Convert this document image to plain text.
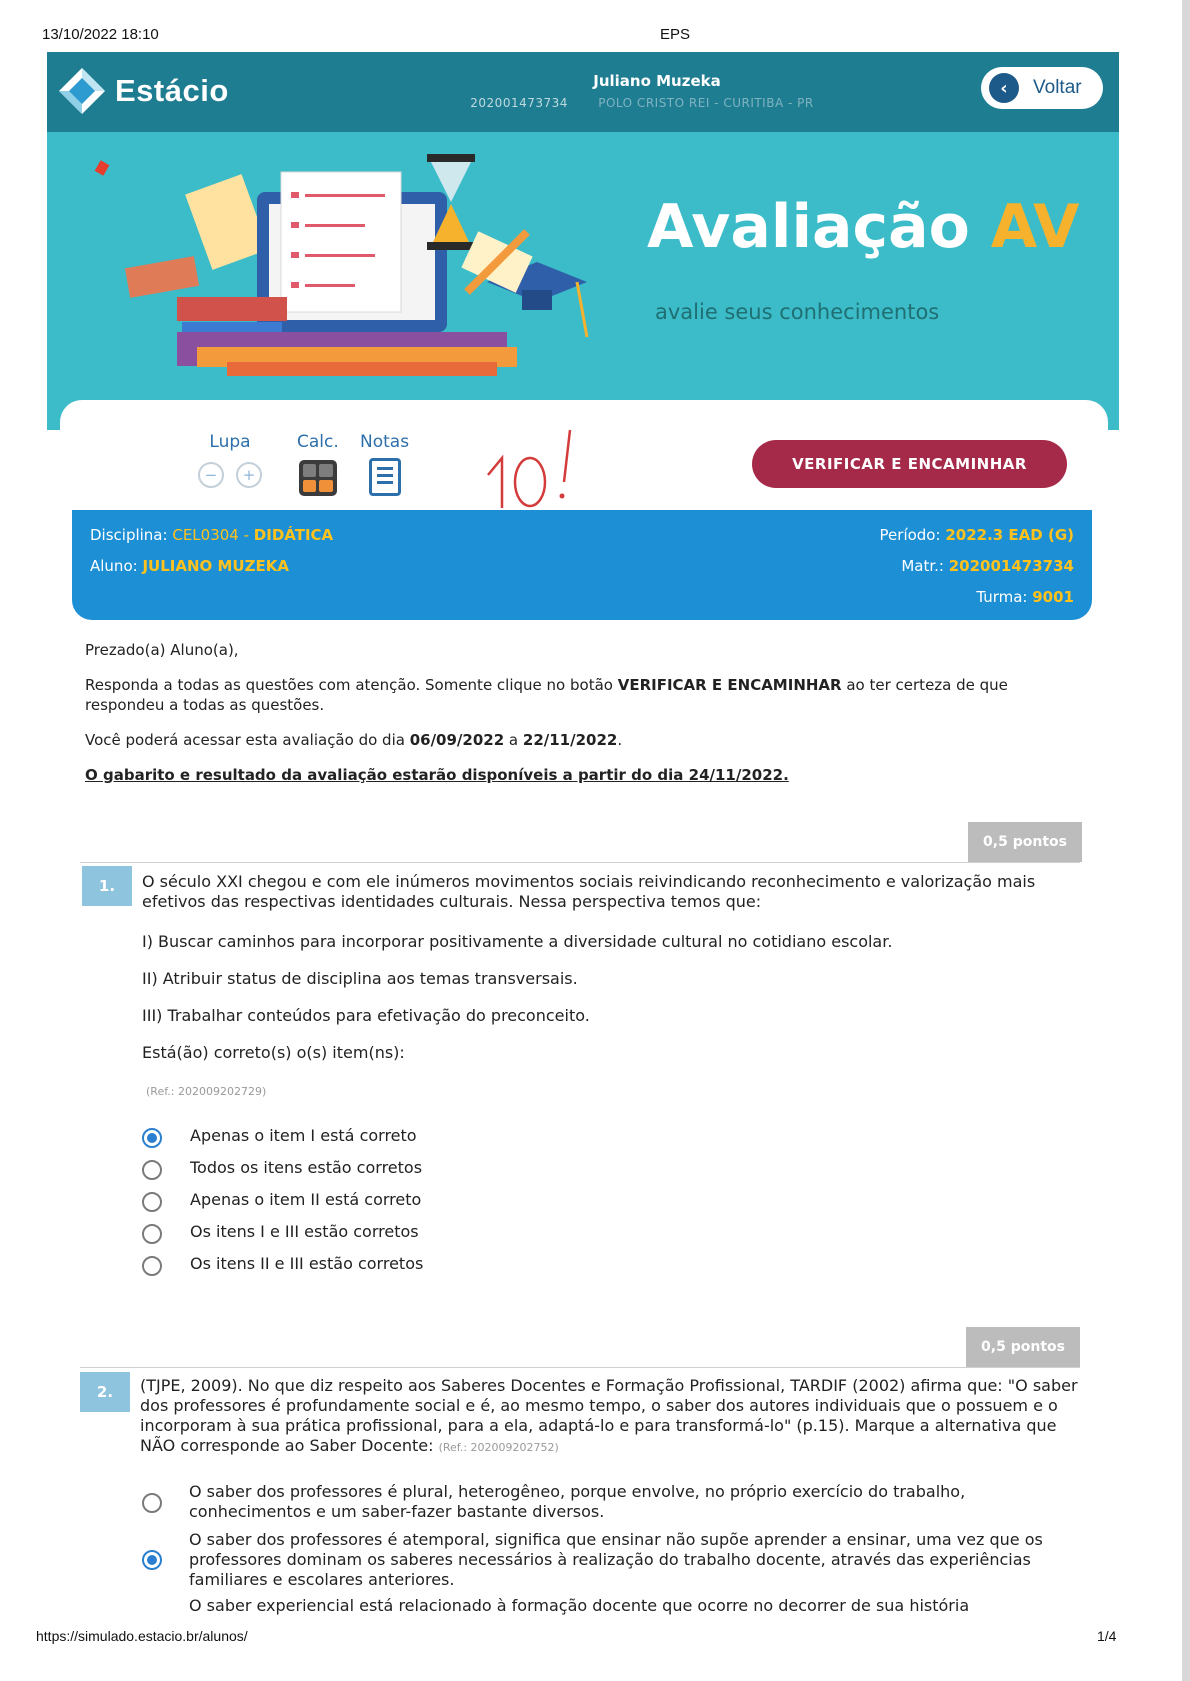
13/10/2022 18:10	EPS
Estácio	Juliano Muzeka
202001473734	POLO CRISTO REI - CURITIBA - PR
‹	Voltar
Avaliação AV
avalie seus conhecimentos
Lupa
−	+
Calc. Notas
VERIFICAR E ENCAMINHAR
Disciplina: CEL0304 - DIDÁTICA
Aluno: JULIANO MUZEKA
Período: 2022.3 EAD (G)
Matr.: 202001473734
Turma: 9001

Prezado(a) Aluno(a),

Responda a todas as questões com atenção. Somente clique no botão VERIFICAR E ENCAMINHAR ao ter certeza de que respondeu a todas as questões.

Você poderá acessar esta avaliação do dia 06/09/2022 a 22/11/2022.

O gabarito e resultado da avaliação estarão disponíveis a partir do dia 24/11/2022.

0,5 pontos
1.	O século XXI chegou e com ele inúmeros movimentos sociais reivindicando reconhecimento e valorização mais efetivos das respectivas identidades culturais. Nessa perspectiva temos que:
I) Buscar caminhos para incorporar positivamente a diversidade cultural no cotidiano escolar.
II) Atribuir status de disciplina aos temas transversais.
III) Trabalhar conteúdos para efetivação do preconceito.
Está(ão) correto(s) o(s) item(ns):
(Ref.: 202009202729)
Apenas o item I está correto
Todos os itens estão corretos
Apenas o item II está correto
Os itens I e III estão corretos
Os itens II e III estão corretos
0,5 pontos
2.	(TJPE, 2009). No que diz respeito aos Saberes Docentes e Formação Profissional, TARDIF (2002) afirma que: "O saber dos professores é profundamente social e é, ao mesmo tempo, o saber dos autores individuais que o possuem e o incorporam à sua prática profissional, para a ela, adaptá-lo e para transformá-lo" (p.15). Marque a alternativa que NÃO corresponde ao Saber Docente: (Ref.: 202009202752)
O saber dos professores é plural, heterogêneo, porque envolve, no próprio exercício do trabalho, conhecimentos e um saber-fazer bastante diversos.
O saber dos professores é atemporal, significa que ensinar não supõe aprender a ensinar, uma vez que os professores dominam os saberes necessários à realização do trabalho docente, através das experiências familiares e escolares anteriores.
O saber experiencial está relacionado à formação docente que ocorre no decorrer de sua história
https://simulado.estacio.br/alunos/	1/4
